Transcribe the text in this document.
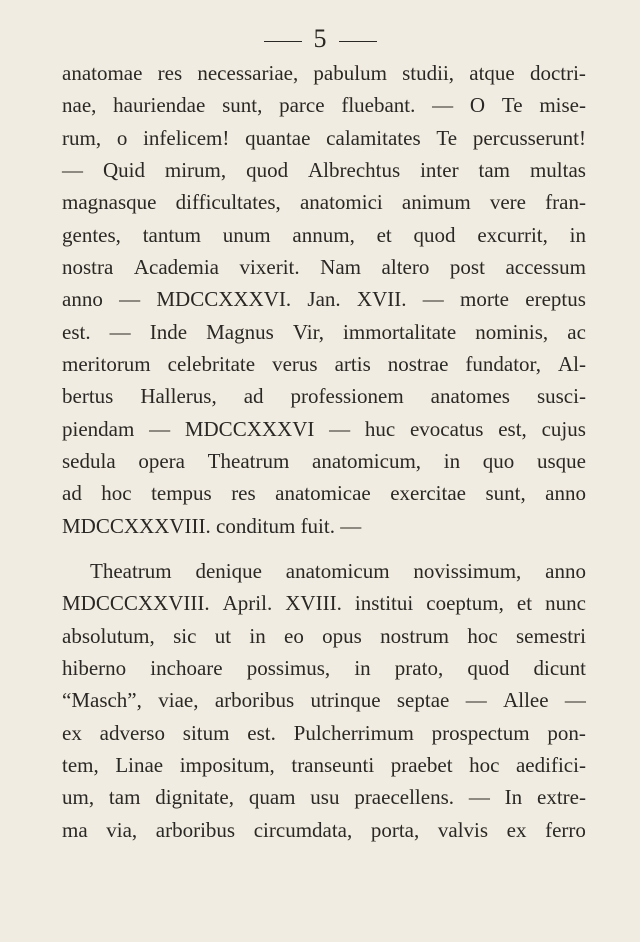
5
anatomae res necessariae, pabulum studii, atque doctri-
nae, hauriendae sunt, parce fluebant. — O Te mise-
rum, o infelicem! quantae calamitates Te percusserunt!
— Quid mirum, quod Albrechtus inter tam multas
magnasque difficultates, anatomici animum vere fran-
gentes, tantum unum annum, et quod excurrit, in
nostra Academia vixerit. Nam altero post accessum
anno — MDCCXXXVI. Jan. XVII. — morte ereptus
est. — Inde Magnus Vir, immortalitate nominis, ac
meritorum celebritate verus artis nostrae fundator, Al-
bertus Hallerus, ad professionem anatomes susci-
piendam — MDCCXXXVI — huc evocatus est, cujus
sedula opera Theatrum anatomicum, in quo usque
ad hoc tempus res anatomicae exercitae sunt, anno
MDCCXXXVIII. conditum fuit. —
Theatrum denique anatomicum novissimum, anno
MDCCCXXVIII. April. XVIII. institui coeptum, et nunc
absolutum, sic ut in eo opus nostrum hoc semestri
hiberno inchoare possimus, in prato, quod dicunt
“Masch”, viae, arboribus utrinque septae — Allee —
ex adverso situm est. Pulcherrimum prospectum pon-
tem, Linae impositum, transeunti praebet hoc aedifici-
um, tam dignitate, quam usu praecellens. — In extre-
ma via, arboribus circumdata, porta, valvis ex ferro
